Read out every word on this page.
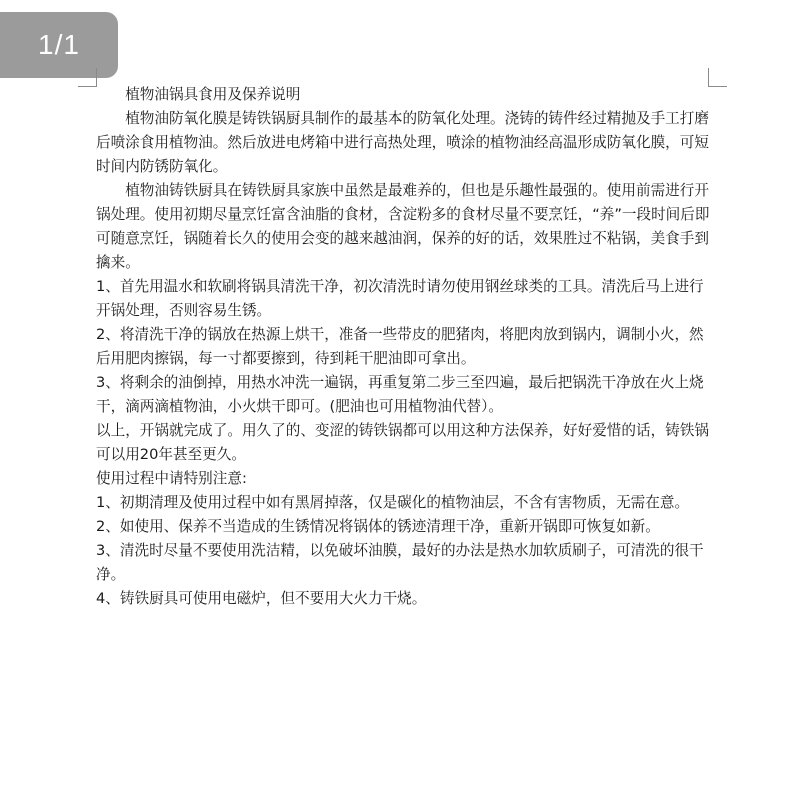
1/1

植物油锅具食用及保养说明

植物油防氧化膜是铸铁锅厨具制作的最基本的防氧化处理。浇铸的铸件经过精抛及手工打磨后喷涂食用植物油。然后放进电烤箱中进行高热处理，喷涂的植物油经高温形成防氧化膜，可短时间内防锈防氧化。

植物油铸铁厨具在铸铁厨具家族中虽然是最难养的，但也是乐趣性最强的。使用前需进行开锅处理。使用初期尽量烹饪富含油脂的食材，含淀粉多的食材尽量不要烹饪，“养”一段时间后即可随意烹饪，锅随着长久的使用会变的越来越油润，保养的好的话，效果胜过不粘锅，美食手到擒来。

1、首先用温水和软刷将锅具清洗干净，初次清洗时请勿使用钢丝球类的工具。清洗后马上进行开锅处理，否则容易生锈。

2、将清洗干净的锅放在热源上烘干，准备一些带皮的肥猪肉，将肥肉放到锅内，调制小火，然后用肥肉擦锅，每一寸都要擦到，待到耗干肥油即可拿出。

3、将剩余的油倒掉，用热水冲洗一遍锅，再重复第二步三至四遍，最后把锅洗干净放在火上烧干，滴两滴植物油，小火烘干即可。(肥油也可用植物油代替）。

以上，开锅就完成了。用久了的、变涩的铸铁锅都可以用这种方法保养，好好爱惜的话，铸铁锅可以用20年甚至更久。

使用过程中请特别注意:

1、初期清理及使用过程中如有黑屑掉落，仅是碳化的植物油层，不含有害物质，无需在意。

2、如使用、保养不当造成的生锈情况将锅体的锈迹清理干净，重新开锅即可恢复如新。

3、清洗时尽量不要使用洗洁精，以免破坏油膜，最好的办法是热水加软质刷子，可清洗的很干净。

4、铸铁厨具可使用电磁炉，但不要用大火力干烧。
